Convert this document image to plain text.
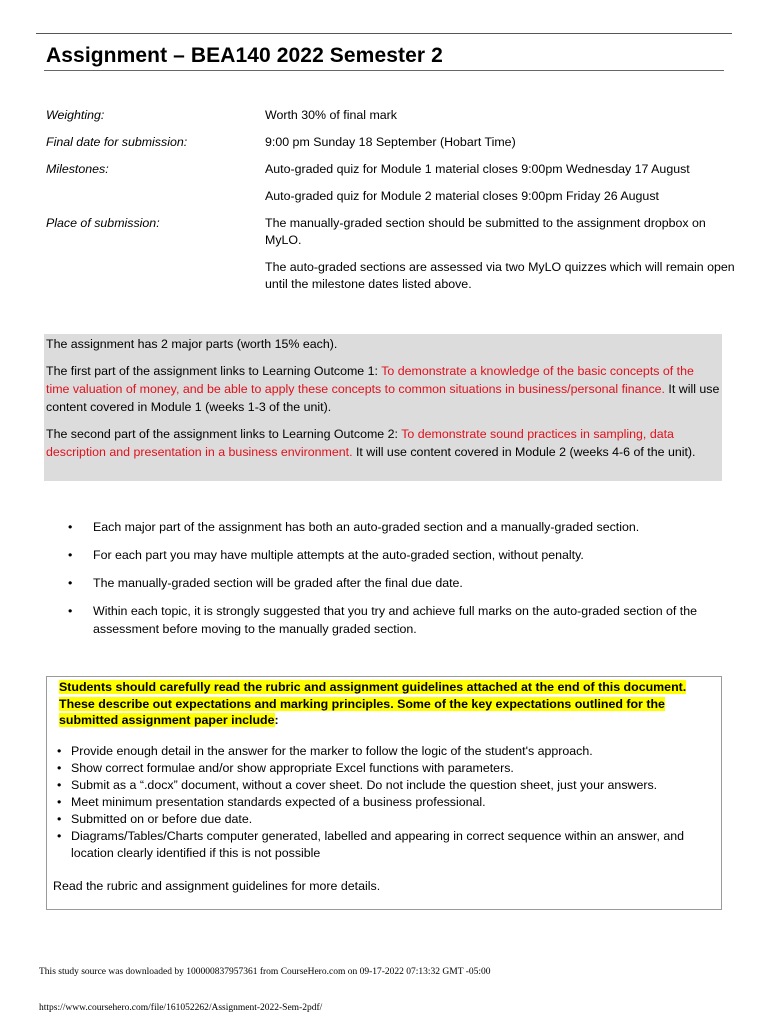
Assignment – BEA140 2022 Semester 2
Weighting:	Worth 30% of final mark
Final date for submission:	9:00 pm Sunday 18 September (Hobart Time)
Milestones:	Auto-graded quiz for Module 1 material closes 9:00pm Wednesday 17 August
Auto-graded quiz for Module 2 material closes 9:00pm Friday 26 August
Place of submission:	The manually-graded section should be submitted to the assignment dropbox on MyLO.
The auto-graded sections are assessed via two MyLO quizzes which will remain open until the milestone dates listed above.

The assignment has 2 major parts (worth 15% each).

The first part of the assignment links to Learning Outcome 1: To demonstrate a knowledge of the basic concepts of the time valuation of money, and be able to apply these concepts to common situations in business/personal finance. It will use content covered in Module 1 (weeks 1-3 of the unit).

The second part of the assignment links to Learning Outcome 2: To demonstrate sound practices in sampling, data description and presentation in a business environment. It will use content covered in Module 2 (weeks 4-6 of the unit).

• Each major part of the assignment has both an auto-graded section and a manually-graded section.
• For each part you may have multiple attempts at the auto-graded section, without penalty.
• The manually-graded section will be graded after the final due date.
• Within each topic, it is strongly suggested that you try and achieve full marks on the auto-graded section of the assessment before moving to the manually graded section.
Students should carefully read the rubric and assignment guidelines attached at the end of this document. These describe out expectations and marking principles. Some of the key expectations outlined for the submitted assignment paper include:
• Provide enough detail in the answer for the marker to follow the logic of the student's approach.
• Show correct formulae and/or show appropriate Excel functions with parameters.
• Submit as a “.docx” document, without a cover sheet. Do not include the question sheet, just your answers.
• Meet minimum presentation standards expected of a business professional.
• Submitted on or before due date.
• Diagrams/Tables/Charts computer generated, labelled and appearing in correct sequence within an answer, and location clearly identified if this is not possible
Read the rubric and assignment guidelines for more details.
This study source was downloaded by 100000837957361 from CourseHero.com on 09-17-2022 07:13:32 GMT -05:00
https://www.coursehero.com/file/161052262/Assignment-2022-Sem-2pdf/
